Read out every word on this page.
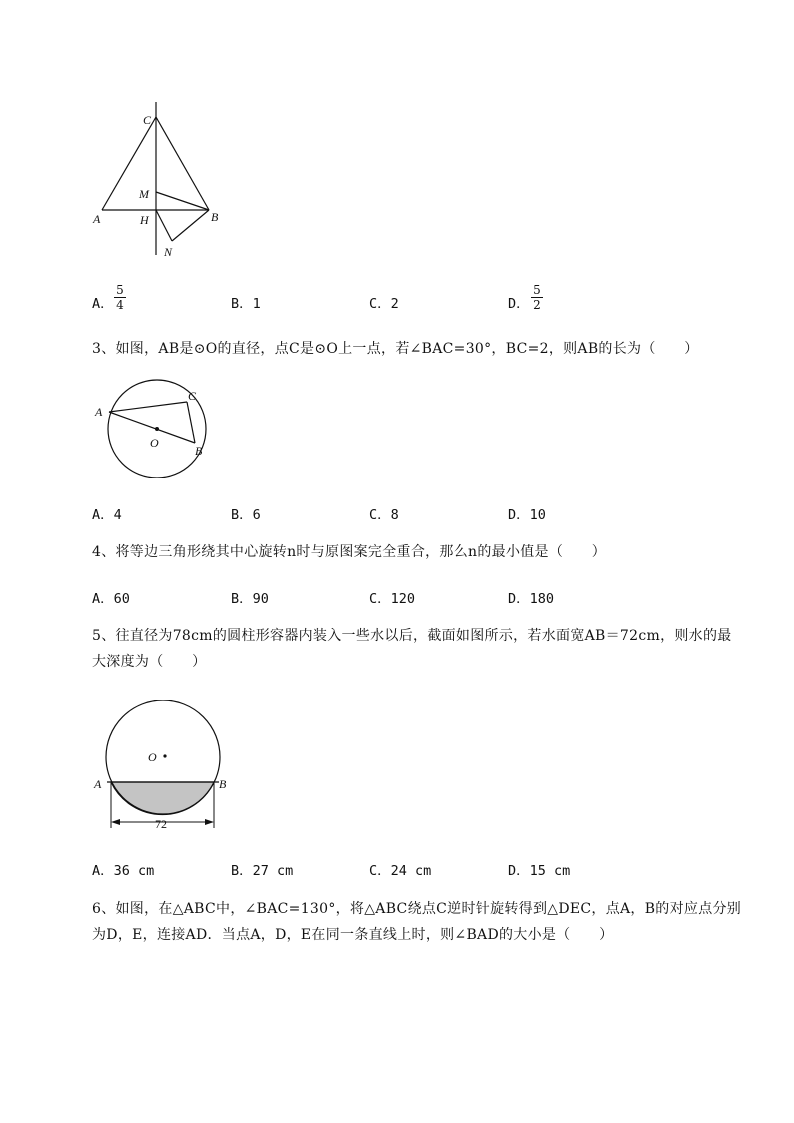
C
M
A	H	B
N
A． $\frac{5}{4}$	B．1	C．2	D． $\frac{5}{2}$
3、如图，AB是⊙O的直径，点C是⊙O上一点，若∠BAC=30°，BC=2，则AB的长为（　　）
A
C
O
B
A．4	B．6	C．8	D．10
4、将等边三角形绕其中心旋转n时与原图案完全重合，那么n的最小值是（　　）
A．60	B．90	C．120	D．180
5、往直径为78cm的圆柱形容器内装入一些水以后，截面如图所示，若水面宽AB＝72cm，则水的最
大深度为（　　）
O
A	B
72
A．36 cm	B．27 cm	C．24 cm	D．15 cm
6、如图，在△ABC中，∠BAC=130°，将△ABC绕点C逆时针旋转得到△DEC，点A，B的对应点分别
为D，E，连接AD．当点A，D，E在同一条直线上时，则∠BAD的大小是（　　）
